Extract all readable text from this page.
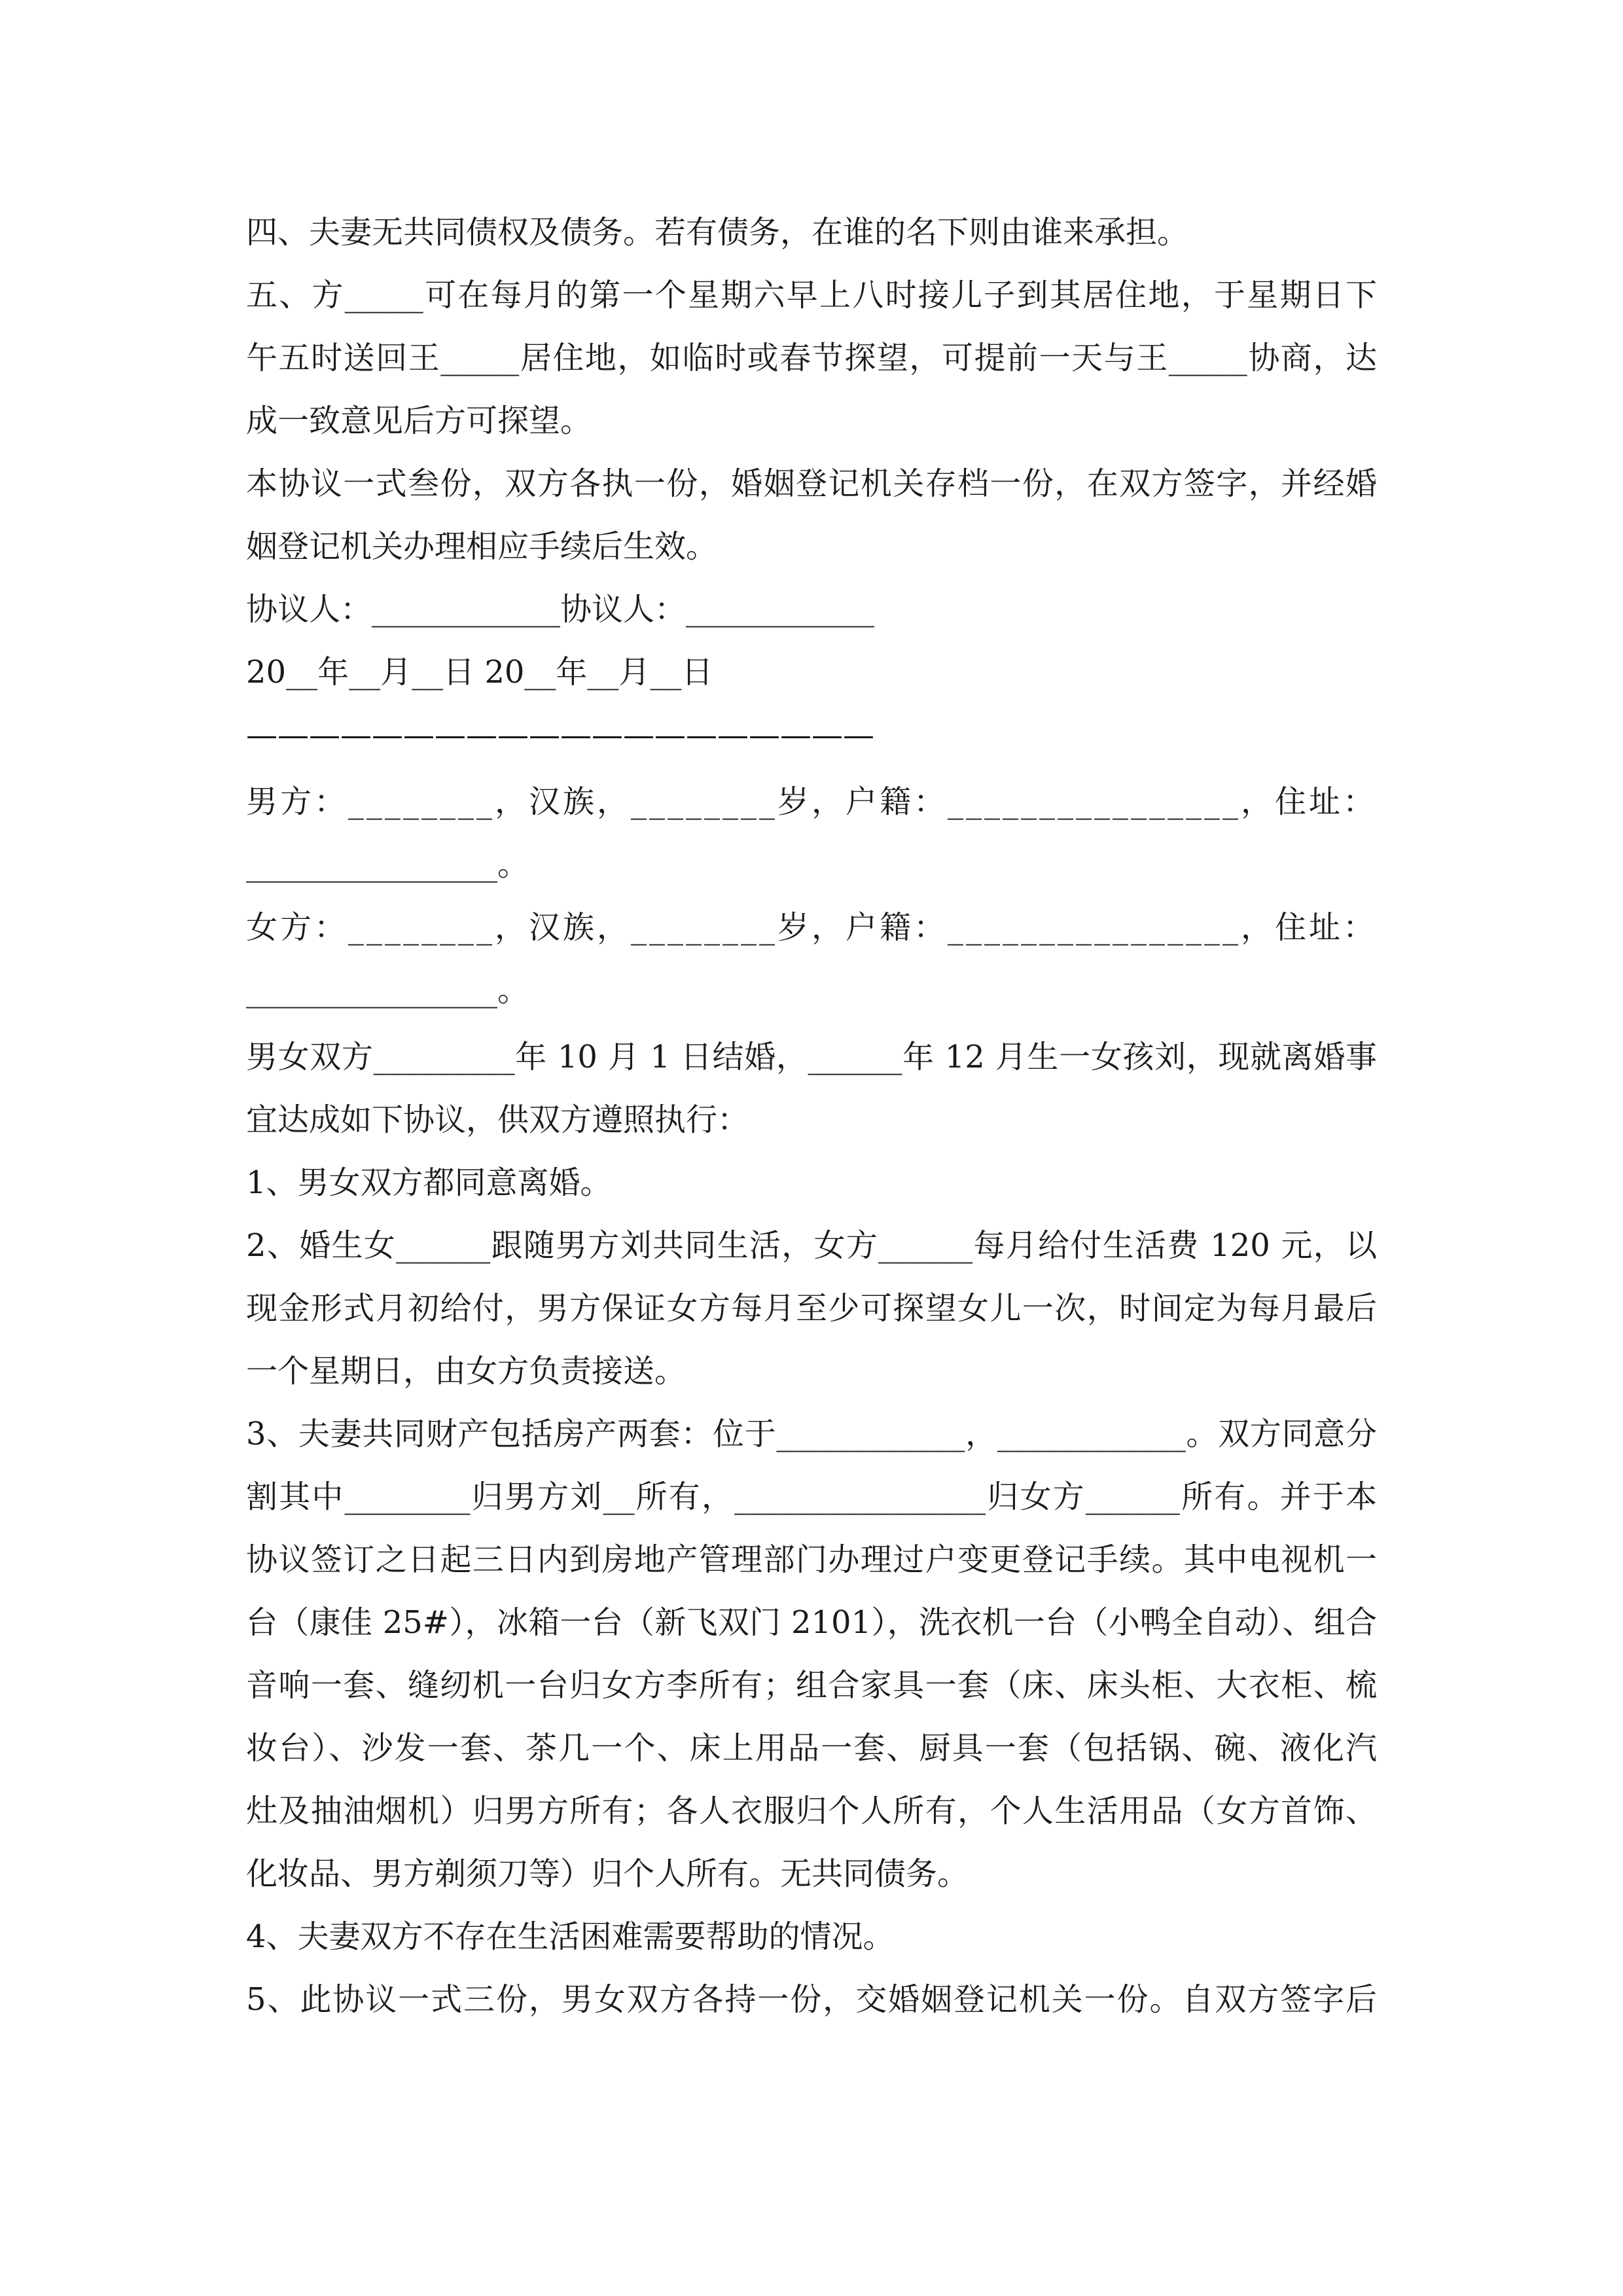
四、夫妻无共同债权及债务。若有债务，在谁的名下则由谁来承担。
五、方_____可在每月的第一个星期六早上八时接儿子到其居住地，于星期日下
午五时送回王_____居住地，如临时或春节探望，可提前一天与王_____协商，达
成一致意见后方可探望。
本协议一式叁份，双方各执一份，婚姻登记机关存档一份，在双方签字，并经婚
姻登记机关办理相应手续后生效。
协议人：____________协议人：____________
20__年__月__日 20__年__月__日
————————————————————
男方：________，汉族，________岁，户籍：________________，住址：
________________。
女方：________，汉族，________岁，户籍：________________，住址：
________________。
男女双方_________年 10 月 1 日结婚，______年 12 月生一女孩刘，现就离婚事
宜达成如下协议，供双方遵照执行：
1、男女双方都同意离婚。
2、婚生女______跟随男方刘共同生活，女方______每月给付生活费 120 元，以
现金形式月初给付，男方保证女方每月至少可探望女儿一次，时间定为每月最后
一个星期日，由女方负责接送。
3、夫妻共同财产包括房产两套：位于____________，____________。双方同意分
割其中________归男方刘__所有，________________归女方______所有。并于本
协议签订之日起三日内到房地产管理部门办理过户变更登记手续。其中电视机一
台（康佳 25#），冰箱一台（新飞双门 2101），洗衣机一台（小鸭全自动）、组合
音响一套、缝纫机一台归女方李所有；组合家具一套（床、床头柜、大衣柜、梳
妆台）、沙发一套、茶几一个、床上用品一套、厨具一套（包括锅、碗、液化汽
灶及抽油烟机）归男方所有；各人衣服归个人所有，个人生活用品（女方首饰、
化妆品、男方剃须刀等）归个人所有。无共同债务。
4、夫妻双方不存在生活困难需要帮助的情况。
5、此协议一式三份，男女双方各持一份，交婚姻登记机关一份。自双方签字后
